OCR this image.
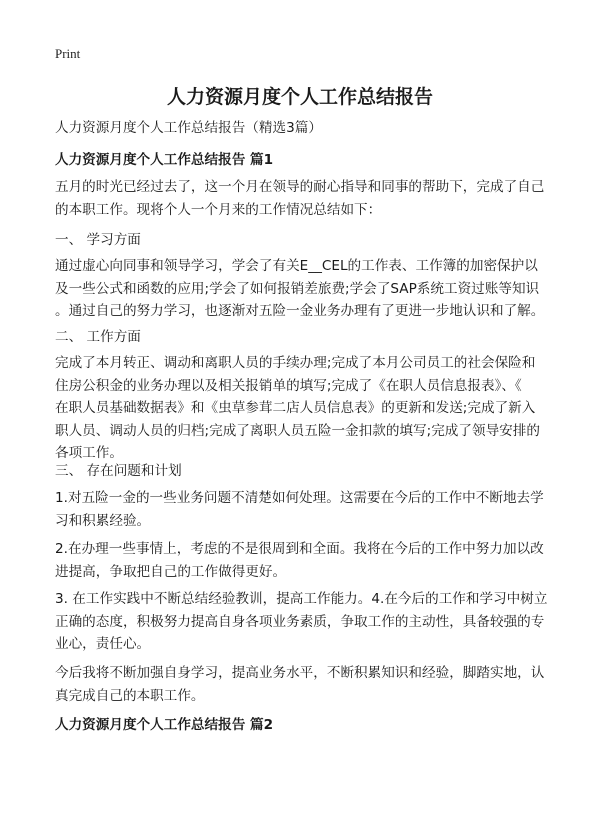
Print
人力资源月度个人工作总结报告
人力资源月度个人工作总结报告（精选3篇）
人力资源月度个人工作总结报告 篇1
五月的时光已经过去了，这一个月在领导的耐心指导和同事的帮助下，完成了自己
的本职工作。现将个人一个月来的工作情况总结如下：
一、 学习方面
通过虚心向同事和领导学习，学会了有关E__CEL的工作表、工作簿的加密保护以
及一些公式和函数的应用;学会了如何报销差旅费;学会了SAP系统工资过账等知识
。通过自己的努力学习，也逐渐对五险一金业务办理有了更进一步地认识和了解。
二、 工作方面
完成了本月转正、调动和离职人员的手续办理;完成了本月公司员工的社会保险和
住房公积金的业务办理以及相关报销单的填写;完成了《在职人员信息报表》、《
在职人员基础数据表》和《虫草参茸二店人员信息表》的更新和发送;完成了新入
职人员、调动人员的归档;完成了离职人员五险一金扣款的填写;完成了领导安排的
各项工作。
三、 存在问题和计划
1.对五险一金的一些业务问题不清楚如何处理。这需要在今后的工作中不断地去学
习和积累经验。
2.在办理一些事情上，考虑的不是很周到和全面。我将在今后的工作中努力加以改
进提高，争取把自己的工作做得更好。
3. 在工作实践中不断总结经验教训，提高工作能力。4.在今后的工作和学习中树立
正确的态度，积极努力提高自身各项业务素质，争取工作的主动性，具备较强的专
业心，责任心。
今后我将不断加强自身学习，提高业务水平，不断积累知识和经验，脚踏实地，认
真完成自己的本职工作。
人力资源月度个人工作总结报告 篇2
